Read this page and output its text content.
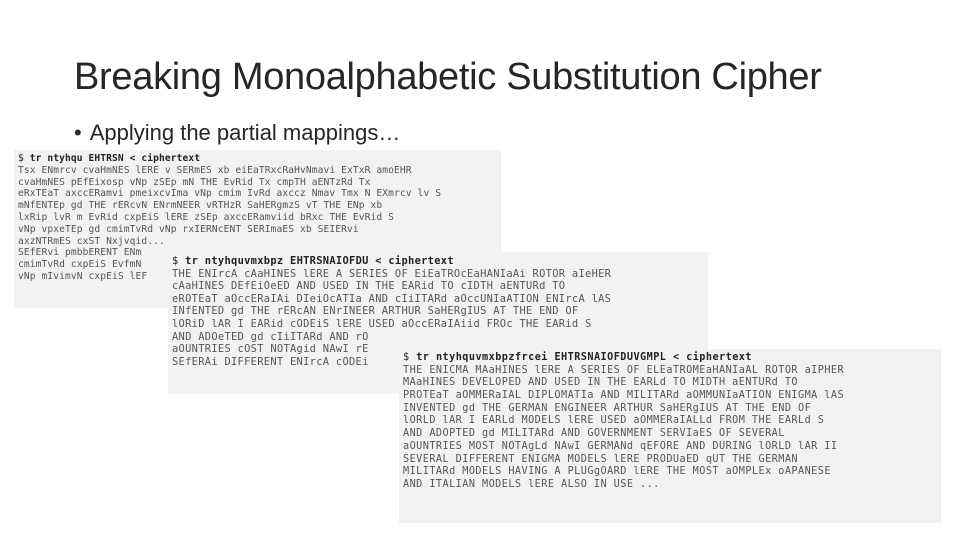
Breaking Monoalphabetic Substitution Cipher
• Applying the partial mappings…
$ tr ntyhqu EHTRSN < ciphertext
Tsx ENmrcv cvaHmNES lERE v SERmES xb eiEaTRxcRaHvNmavi ExTxR amoEHR
cvaHmNES pEfEixosp vNp zSEp mN THE EvRid Tx cmpTH aENTzRd Tx
eRxTEaT axccERamvi pmeixcvIma vNp cmim IvRd axccz Nmav Tmx N EXmrcv lv S
mNfENTEp gd THE rERcvN ENrmNEER vRTHzR SaHERgmzS vT THE ENp xb
lxRip lvR m EvRid cxpEiS lERE zSEp axccERamviid bRxc THE EvRid S
vNp vpxeTEp gd cmimTvRd vNp rxIERNcENT SERImaES xb SEIERvi
axzNTRmES cxST Nxjvqid...
SEfERvi pmbbERENT ENm
cmimTvRd cxpEiS EvfmN
vNp mIvimvN cxpEiS lEF
$ tr ntyhquvmxbpz EHTRSNAIOFDU < ciphertext
THE ENIrcA cAaHINES lERE A SERIES OF EiEaTROcEaHANIaAi ROTOR aIeHER
cAaHINES DEfEiOeED AND USED IN THE EARid TO cIDTH aENTURd TO
eROTEaT aOccERaIAi DIeiOcATIa AND cIiITARd aOccUNIaATION ENIrcA lAS
INfENTED gd THE rERcAN ENrINEER ARTHUR SaHERgIUS AT THE END OF
lORiD lAR I EARid cODEiS lERE USED aOccERaIAiid FROc THE EARid S
AND ADOeTED gd cIiITARd AND rO
aOUNTRIES cOST NOTAgid NAwI rE
SEfERAi DIFFERENT ENIrcA cODEi	$ tr ntyhquvmxbpzfrcei EHTRSNAIOFDUVGMPL < ciphertext
THE ENICMA MAaHINES lERE A SERIES OF ELEaTROMEaHANIaAL ROTOR aIPHER
MAaHINES DEVELOPED AND USED IN THE EARLd TO MIDTH aENTURd TO
PROTEaT aOMMERaIAL DIPLOMATIa AND MILITARd aOMMUNIaATION ENIGMA lAS
INVENTED gd THE GERMAN ENGINEER ARTHUR SaHERgIUS AT THE END OF
lORLD lAR I EARLd MODELS lERE USED aOMMERaIALLd FROM THE EARLd S
AND ADOPTED gd MILITARd AND GOVERNMENT SERVIaES OF SEVERAL
aOUNTRIES MOST NOTAgLd NAwI GERMANd qEFORE AND DURING lORLD lAR II
SEVERAL DIFFERENT ENIGMA MODELS lERE PRODUaED qUT THE GERMAN
MILITARd MODELS HAVING A PLUGgOARD lERE THE MOST aOMPLEx oAPANESE
AND ITALIAN MODELS lERE ALSO IN USE ...
